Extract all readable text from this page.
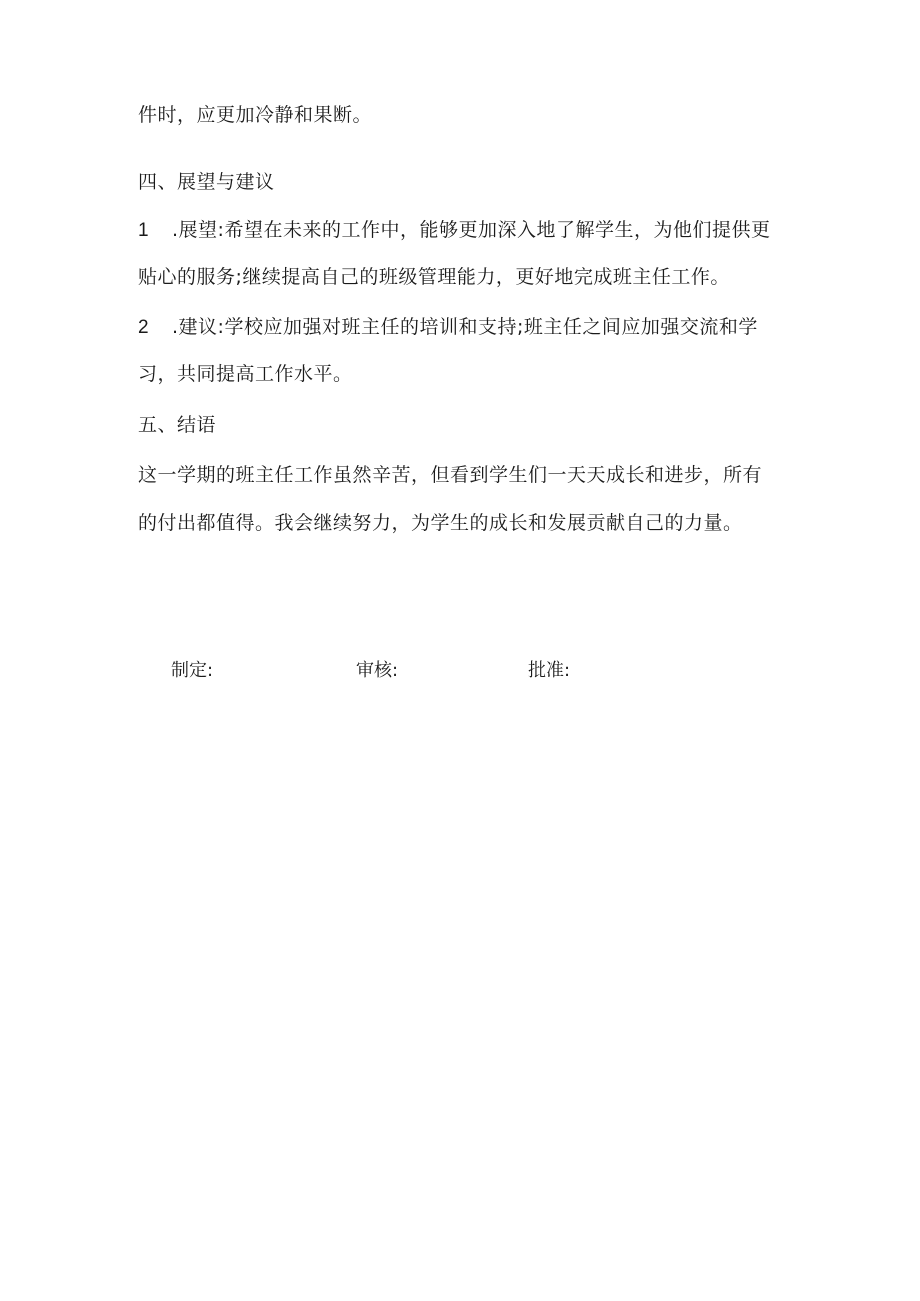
件时，应更加冷静和果断。
四、展望与建议
1 .展望:希望在未来的工作中，能够更加深入地了解学生，为他们提供更
贴心的服务;继续提高自己的班级管理能力，更好地完成班主任工作。
2 .建议:学校应加强对班主任的培训和支持;班主任之间应加强交流和学
习，共同提高工作水平。
五、结语
这一学期的班主任工作虽然辛苦，但看到学生们一天天成长和进步，所有
的付出都值得。我会继续努力，为学生的成长和发展贡献自己的力量。
制定:	审核:	批准:
